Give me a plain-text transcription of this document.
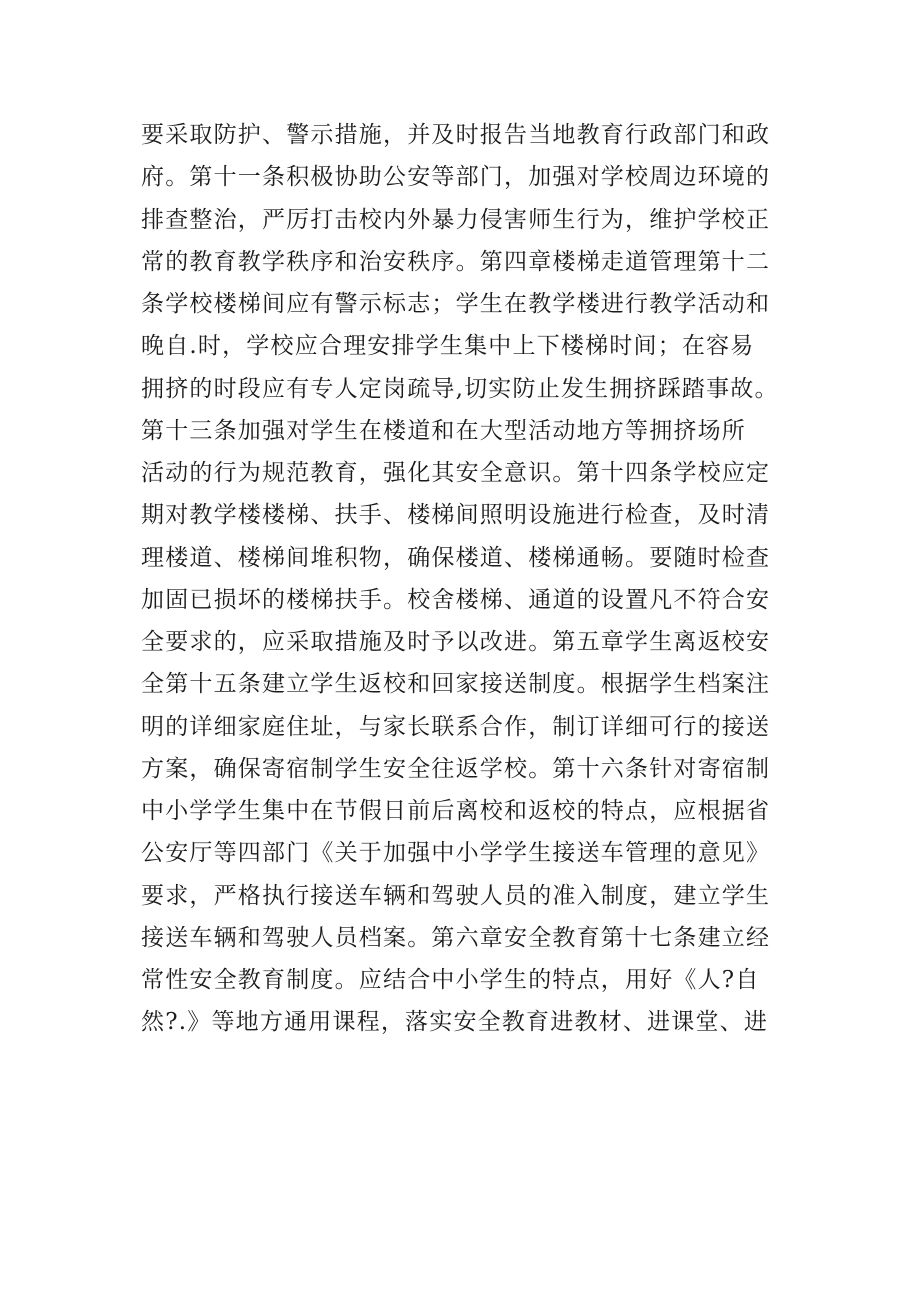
要采取防护、警示措施，并及时报告当地教育行政部门和政
府。第十一条积极协助公安等部门，加强对学校周边环境的
排查整治，严厉打击校内外暴力侵害师生行为，维护学校正
常的教育教学秩序和治安秩序。第四章楼梯走道管理第十二
条学校楼梯间应有警示标志；学生在教学楼进行教学活动和
晚自.时，学校应合理安排学生集中上下楼梯时间；在容易
拥挤的时段应有专人定岗疏导,切实防止发生拥挤踩踏事故。
第十三条加强对学生在楼道和在大型活动地方等拥挤场所
活动的行为规范教育，强化其安全意识。第十四条学校应定
期对教学楼楼梯、扶手、楼梯间照明设施进行检查，及时清
理楼道、楼梯间堆积物，确保楼道、楼梯通畅。要随时检查
加固已损坏的楼梯扶手。校舍楼梯、通道的设置凡不符合安
全要求的，应采取措施及时予以改进。第五章学生离返校安
全第十五条建立学生返校和回家接送制度。根据学生档案注
明的详细家庭住址，与家长联系合作，制订详细可行的接送
方案，确保寄宿制学生安全往返学校。第十六条针对寄宿制
中小学学生集中在节假日前后离校和返校的特点，应根据省
公安厅等四部门《关于加强中小学学生接送车管理的意见》
要求，严格执行接送车辆和驾驶人员的准入制度，建立学生
接送车辆和驾驶人员档案。第六章安全教育第十七条建立经
常性安全教育制度。应结合中小学生的特点，用好《人?自
然?.》等地方通用课程，落实安全教育进教材、进课堂、进
